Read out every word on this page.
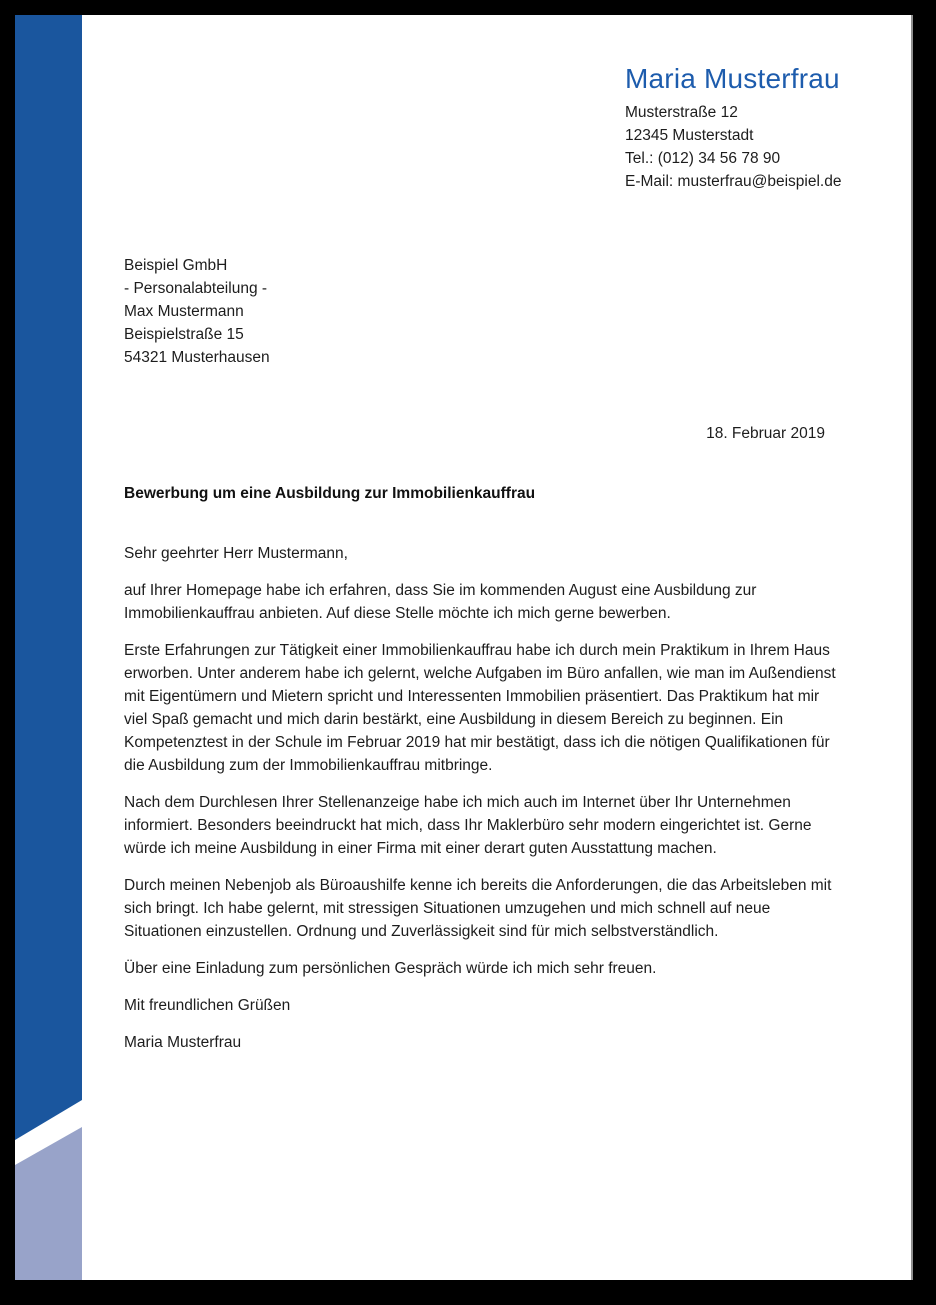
Maria Musterfrau
Musterstraße 12
12345 Musterstadt
Tel.: (012) 34 56 78 90
E-Mail: musterfrau@beispiel.de
Beispiel GmbH
- Personalabteilung -
Max Mustermann
Beispielstraße 15
54321 Musterhausen
18. Februar 2019
Bewerbung um eine Ausbildung zur Immobilienkauffrau

Sehr geehrter Herr Mustermann,

auf Ihrer Homepage habe ich erfahren, dass Sie im kommenden August eine Ausbildung zur Immobilienkauffrau anbieten. Auf diese Stelle möchte ich mich gerne bewerben.

Erste Erfahrungen zur Tätigkeit einer Immobilienkauffrau habe ich durch mein Praktikum in Ihrem Haus erworben. Unter anderem habe ich gelernt, welche Aufgaben im Büro anfallen, wie man im Außendienst mit Eigentümern und Mietern spricht und Interessenten Immobilien präsentiert. Das Praktikum hat mir viel Spaß gemacht und mich darin bestärkt, eine Ausbildung in diesem Bereich zu beginnen. Ein Kompetenztest in der Schule im Februar 2019 hat mir bestätigt, dass ich die nötigen Qualifikationen für die Ausbildung zum der Immobilienkauffrau mitbringe.

Nach dem Durchlesen Ihrer Stellenanzeige habe ich mich auch im Internet über Ihr Unternehmen informiert. Besonders beeindruckt hat mich, dass Ihr Maklerbüro sehr modern eingerichtet ist. Gerne würde ich meine Ausbildung in einer Firma mit einer derart guten Ausstattung machen.

Durch meinen Nebenjob als Büroaushilfe kenne ich bereits die Anforderungen, die das Arbeitsleben mit sich bringt. Ich habe gelernt, mit stressigen Situationen umzugehen und mich schnell auf neue Situationen einzustellen. Ordnung und Zuverlässigkeit sind für mich selbstverständlich.

Über eine Einladung zum persönlichen Gespräch würde ich mich sehr freuen.

Mit freundlichen Grüßen

Maria Musterfrau
